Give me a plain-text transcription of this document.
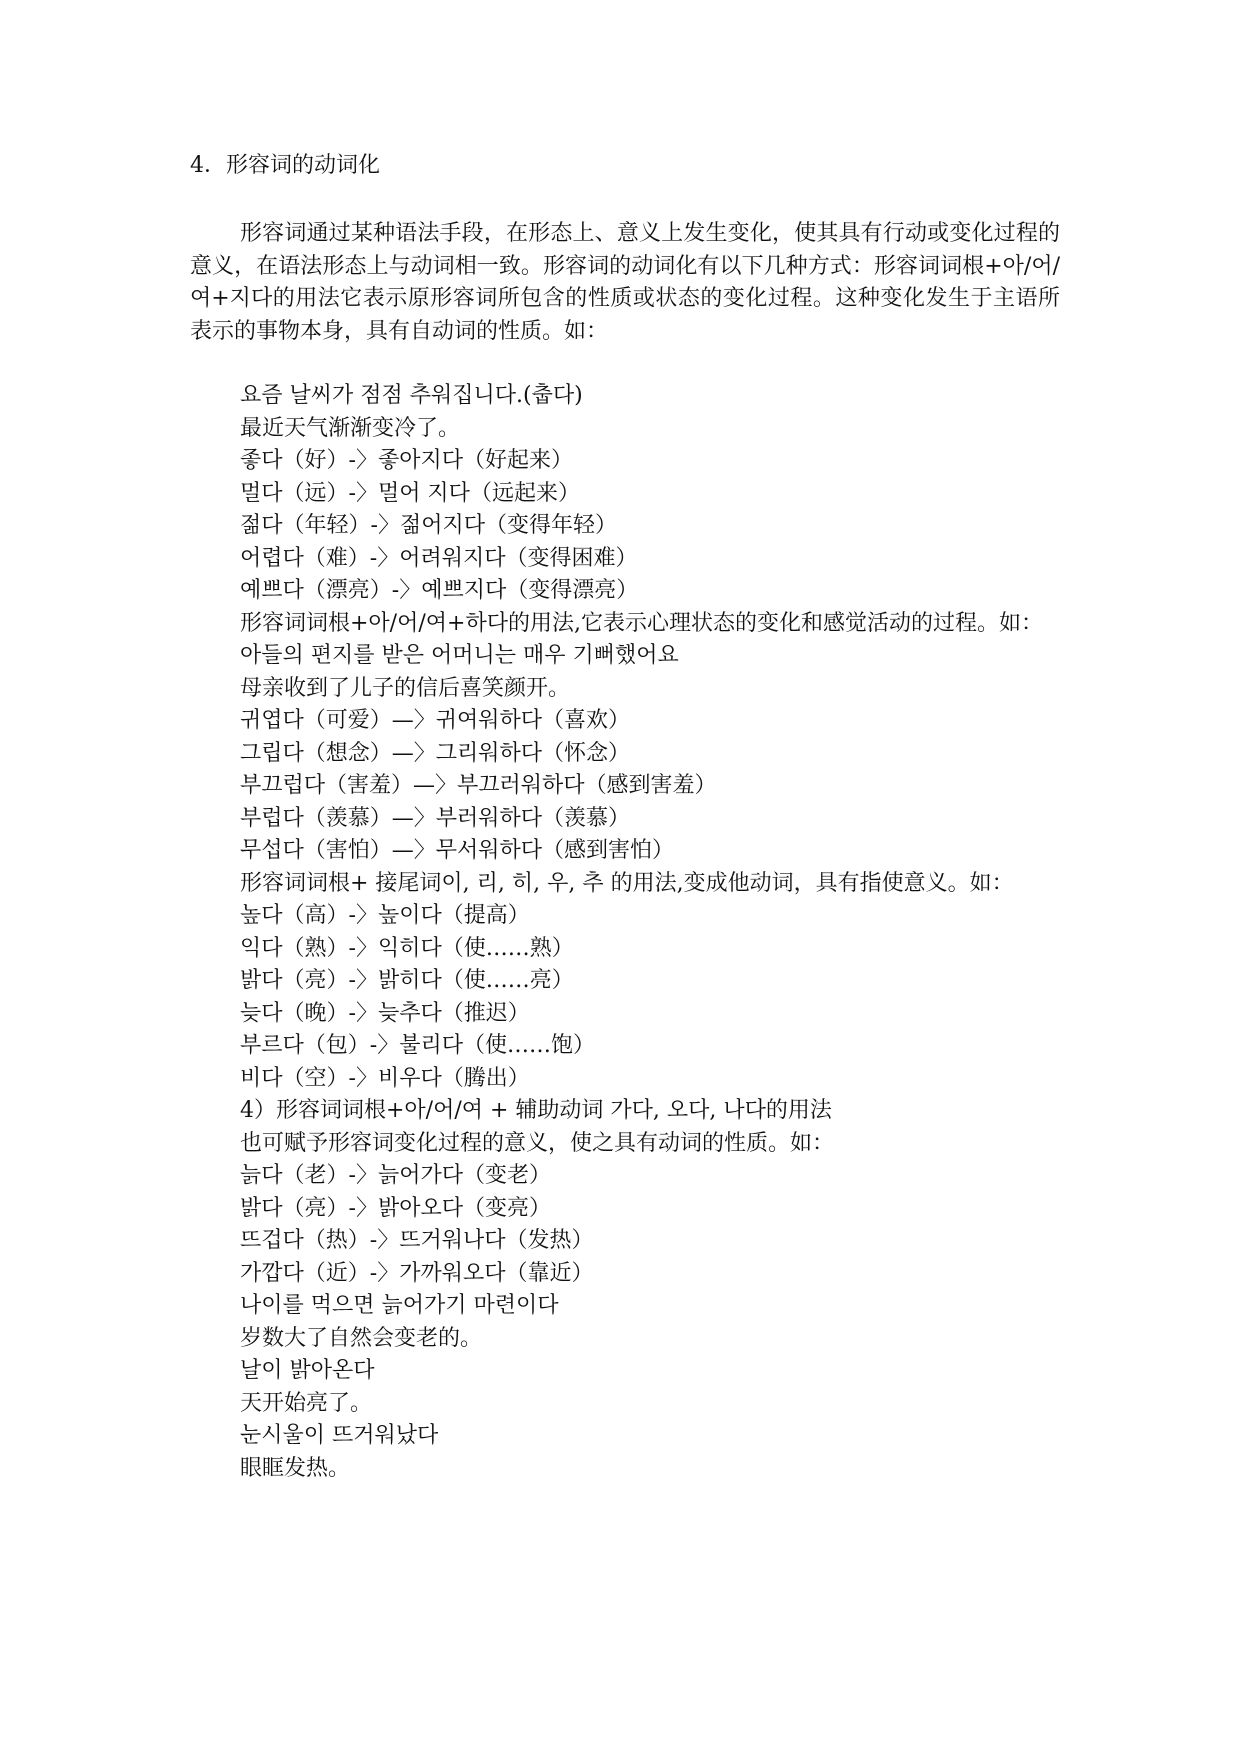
4．形容词的动词化

形容词通过某种语法手段，在形态上、意义上发生变化，使其具有行动或变化过程的意义，在语法形态上与动词相一致。形容词的动词化有以下几种方式：形容词词根+아/어/여+지다的用法它表示原形容词所包含的性质或状态的变化过程。这种变化发生于主语所表示的事物本身，具有自动词的性质。如：

요즘 날씨가 점점 추워집니다.(춥다)
最近天气渐渐变冷了。
좋다（好）-〉좋아지다（好起来）
멀다（远）-〉멀어 지다（远起来）
젊다（年轻）-〉젊어지다（变得年轻）
어렵다（难）-〉어려워지다（变得困难）
예쁘다（漂亮）-〉예쁘지다（变得漂亮）
形容词词根+아/어/여+하다的用法,它表示心理状态的变化和感觉活动的过程。如：
아들의 편지를 받은 어머니는 매우 기뻐했어요
母亲收到了儿子的信后喜笑颜开。
귀엽다（可爱）—〉귀여워하다（喜欢）
그립다（想念）—〉그리워하다（怀念）
부끄럽다（害羞）—〉부끄러워하다（感到害羞）
부럽다（羡慕）—〉부러워하다（羡慕）
무섭다（害怕）—〉무서워하다（感到害怕）
形容词词根+ 接尾词이, 리, 히, 우, 추 的用法,变成他动词，具有指使意义。如：
높다（高）-〉높이다（提高）
익다（熟）-〉익히다（使……熟）
밝다（亮）-〉밝히다（使……亮）
늦다（晚）-〉늦추다（推迟）
부르다（包）-〉불리다（使……饱）
비다（空）-〉비우다（腾出）
4）形容词词根+아/어/여 + 辅助动词 가다, 오다, 나다的用法
也可赋予形容词变化过程的意义，使之具有动词的性质。如：
늙다（老）-〉늙어가다（变老）
밝다（亮）-〉밝아오다（变亮）
뜨겁다（热）-〉뜨거워나다（发热）
가깝다（近）-〉가까워오다（靠近）
나이를 먹으면 늙어가기 마련이다
岁数大了自然会变老的。
날이 밝아온다
天开始亮了。
눈시울이 뜨거워났다
眼眶发热。
